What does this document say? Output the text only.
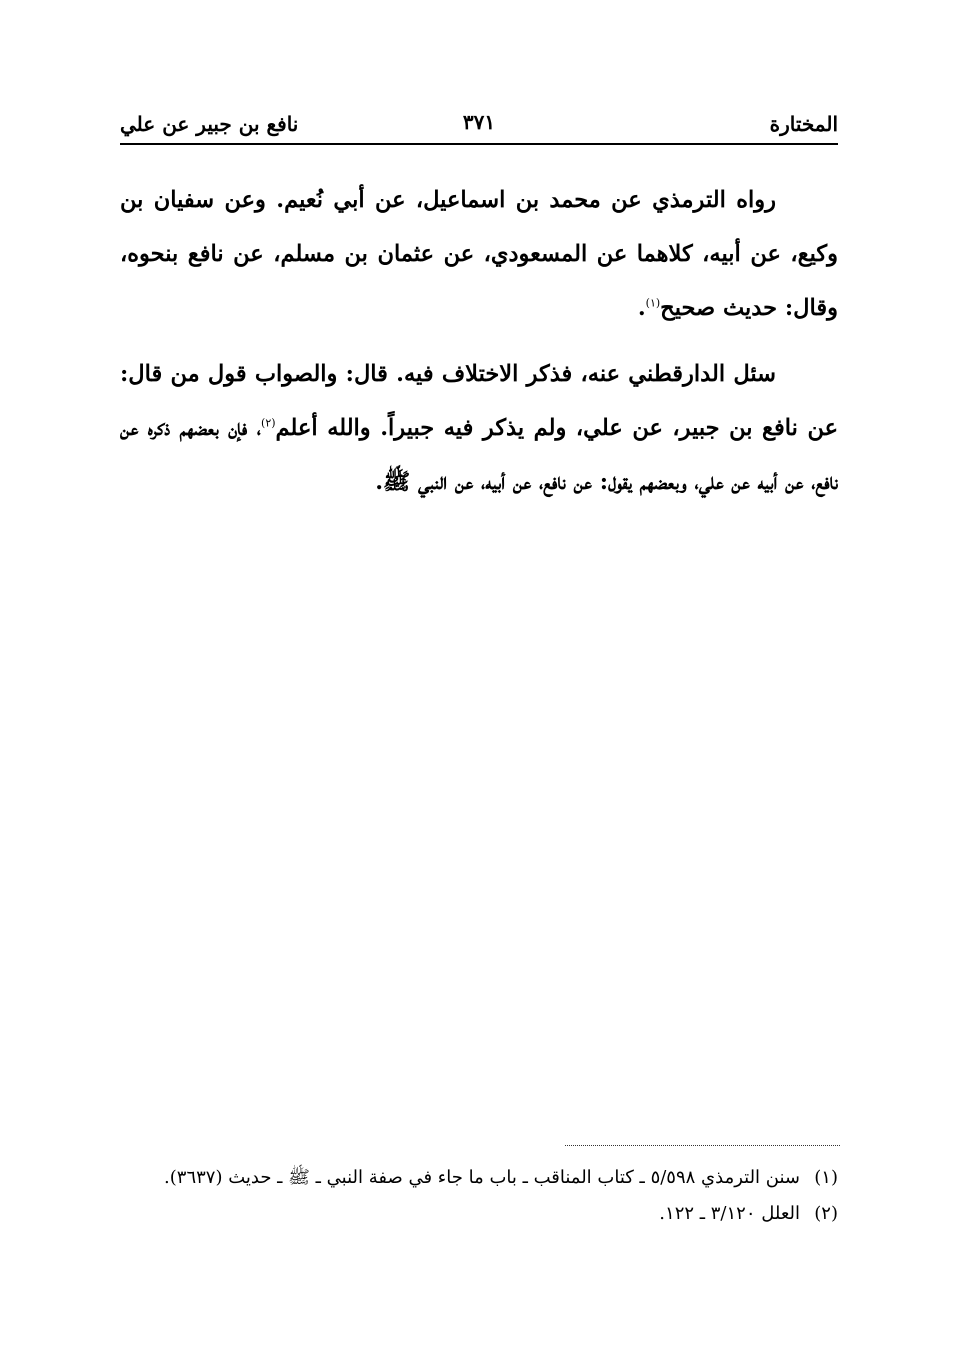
المختارة
٣٧١
نافع بن جبير عن علي

رواه الترمذي عن محمد بن اسماعيل، عن أبي نُعيم. وعن سفيان بن وكيع، عن أبيه، كلاهما عن المسعودي، عن عثمان بن مسلم، عن نافع بنحوه، وقال: حديث صحيح$^{(١)}$.

سئل الدارقطني عنه، فذكر الاختلاف فيه. قال: والصواب قول من قال: عن نافع بن جبير، عن علي، ولم يذكر فيه جبيراً. والله أعلم$^{(٢)}$، فإن بعضهم ذكره عن نافع، عن أبيه عن علي، وبعضهم يقول: عن نافع، عن أبيه، عن النبي ﷺ.

(١)سنن الترمذي ٥/٥٩٨ ـ كتاب المناقب ـ باب ما جاء في صفة النبي ـ ﷺ ـ حديث (٣٦٣٧).

(٢)العلل ٣/١٢٠ ـ ١٢٢.
